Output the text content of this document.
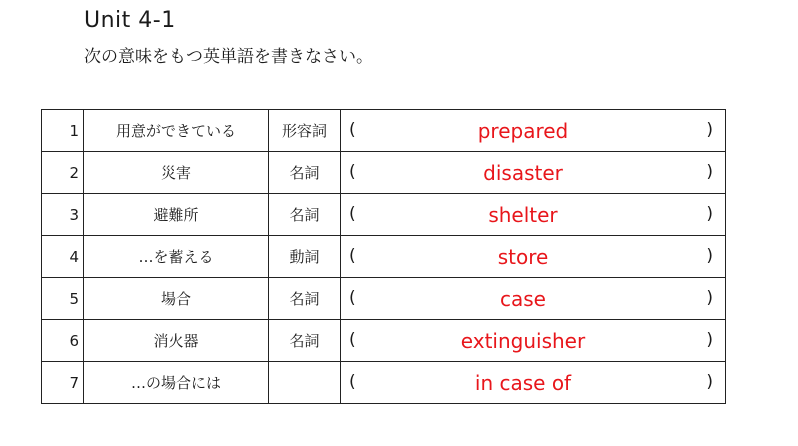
Unit 4-1
次の意味をもつ英単語を書きなさい。
1	用意ができている	形容詞	( prepared )

2	災害	名詞	( disaster )

3	避難所	名詞	( shelter )

4	…を蓄える	動詞	( store )

5	場合	名詞	( case )

6	消火器	名詞	( extinguisher )

7	…の場合には		( in case of )
